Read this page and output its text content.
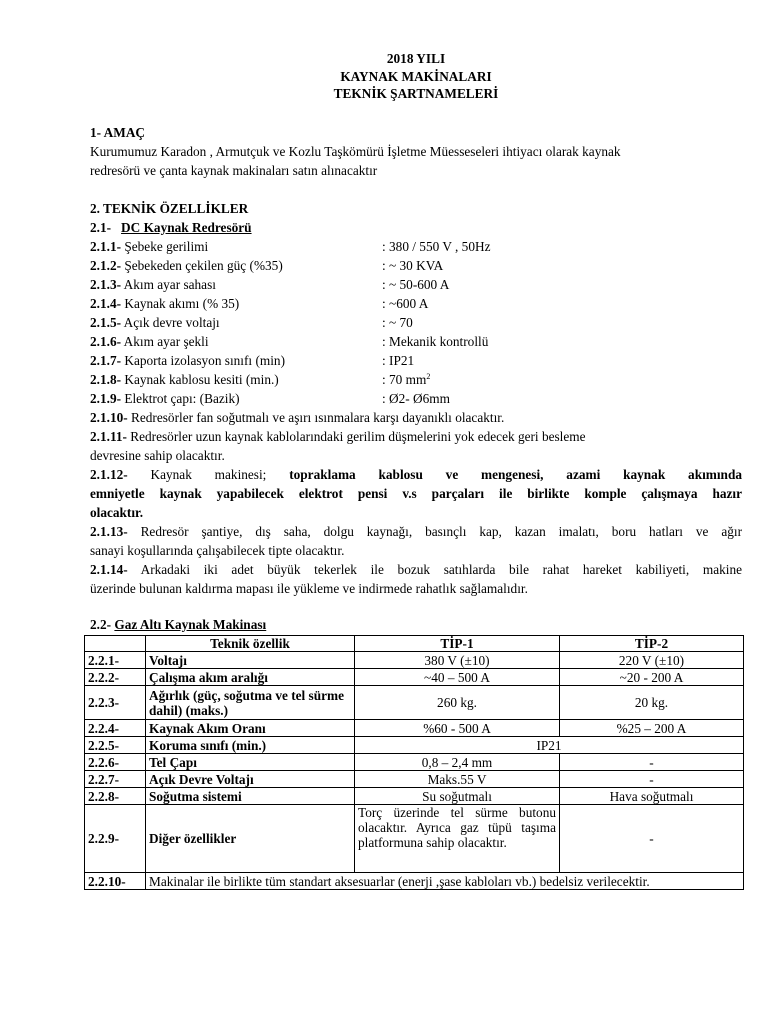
2018 YILI
KAYNAK MAKİNALARI
TEKNİK ŞARTNAMELERİ
1- AMAÇ
Kurumumuz Karadon , Armutçuk ve Kozlu Taşkömürü İşletme Müesseseleri ihtiyacı olarak kaynak
redresörü ve çanta kaynak makinaları satın alınacaktır
2. TEKNİK ÖZELLİKLER
2.1- DC Kaynak Redresörü
2.1.1- Şebeke gerilimi	: 380 / 550 V , 50Hz
2.1.2- Şebekeden çekilen güç (%35)	: ~ 30 KVA
2.1.3- Akım ayar sahası	: ~ 50-600 A
2.1.4- Kaynak akımı (% 35)	: ~600 A
2.1.5- Açık devre voltajı	: ~ 70
2.1.6- Akım ayar şekli	: Mekanik kontrollü
2.1.7- Kaporta izolasyon sınıfı (min)	: IP21
2.1.8- Kaynak kablosu kesiti (min.)	: 70 $mm^2$
2.1.9- Elektrot çapı: (Bazik)	: Ø2- Ø6mm
2.1.10- Redresörler fan soğutmalı ve aşırı ısınmalara karşı dayanıklı olacaktır.
2.1.11- Redresörler uzun kaynak kablolarındaki gerilim düşmelerini yok edecek geri besleme
devresine sahip olacaktır.
2.1.12- Kaynak makinesi; topraklama kablosu ve mengenesi, azami kaynak akımında
emniyetle kaynak yapabilecek elektrot pensi v.s parçaları ile birlikte komple çalışmaya hazır
olacaktır.
2.1.13- Redresör şantiye, dış saha, dolgu kaynağı, basınçlı kap, kazan imalatı, boru hatları ve ağır
sanayi koşullarında çalışabilecek tipte olacaktır.
2.1.14- Arkadaki iki adet büyük tekerlek ile bozuk satıhlarda bile rahat hareket kabiliyeti, makine
üzerinde bulunan kaldırma mapası ile yükleme ve indirmede rahatlık sağlamalıdır.
2.2- Gaz Altı Kaynak Makinası
	Teknik özellik	TİP-1	TİP-2
2.2.1-	Voltajı	380 V (±10)	220 V (±10)
2.2.2-	Çalışma akım aralığı	~40 – 500 A	~20 - 200 A
2.2.3-	Ağırlık (güç, soğutma ve tel sürme dahil) (maks.)	260 kg.	20 kg.
2.2.4-	Kaynak Akım Oranı	%60 - 500 A	%25 – 200 A
2.2.5-	Koruma sınıfı (min.)	IP21	
2.2.6-	Tel Çapı	0,8 – 2,4 mm	-
2.2.7-	Açık Devre Voltajı	Maks.55 V	-
2.2.8-	Soğutma sistemi	Su soğutmalı	Hava soğutmalı
2.2.9-	Diğer özellikler	Torç üzerinde tel sürme butonu olacaktır. Ayrıca gaz tüpü taşıma platformuna sahip olacaktır.	-
2.2.10-	Makinalar ile birlikte tüm standart aksesuarlar (enerji ,şase kabloları vb.) bedelsiz verilecektir.		
